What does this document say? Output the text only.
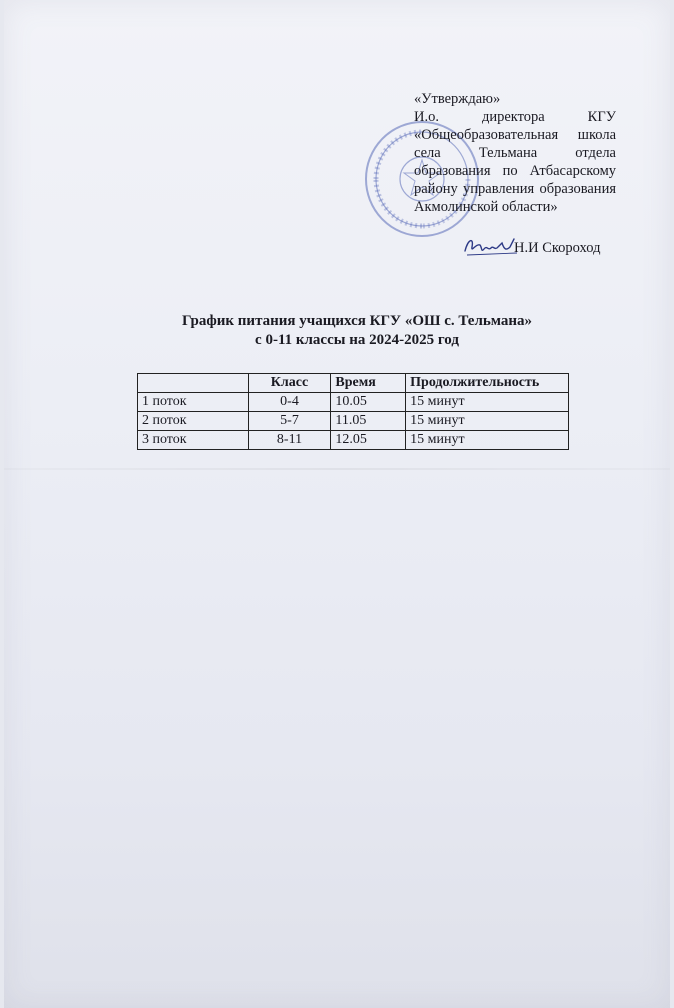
«Утверждаю»
И.о. директора КГУ «Общеобразовательная школа села Тельмана отдела образования по Атбасарскому району управления образования Акмолинской области»
Н.И Скороход
График питания учащихся КГУ «ОШ с. Тельмана»
с 0-11 классы на 2024-2025 год
	Класс	Время	Продолжительность
1 поток	0-4	10.05	15 минут
2 поток	5-7	11.05	15 минут
3 поток	8-11	12.05	15 минут
